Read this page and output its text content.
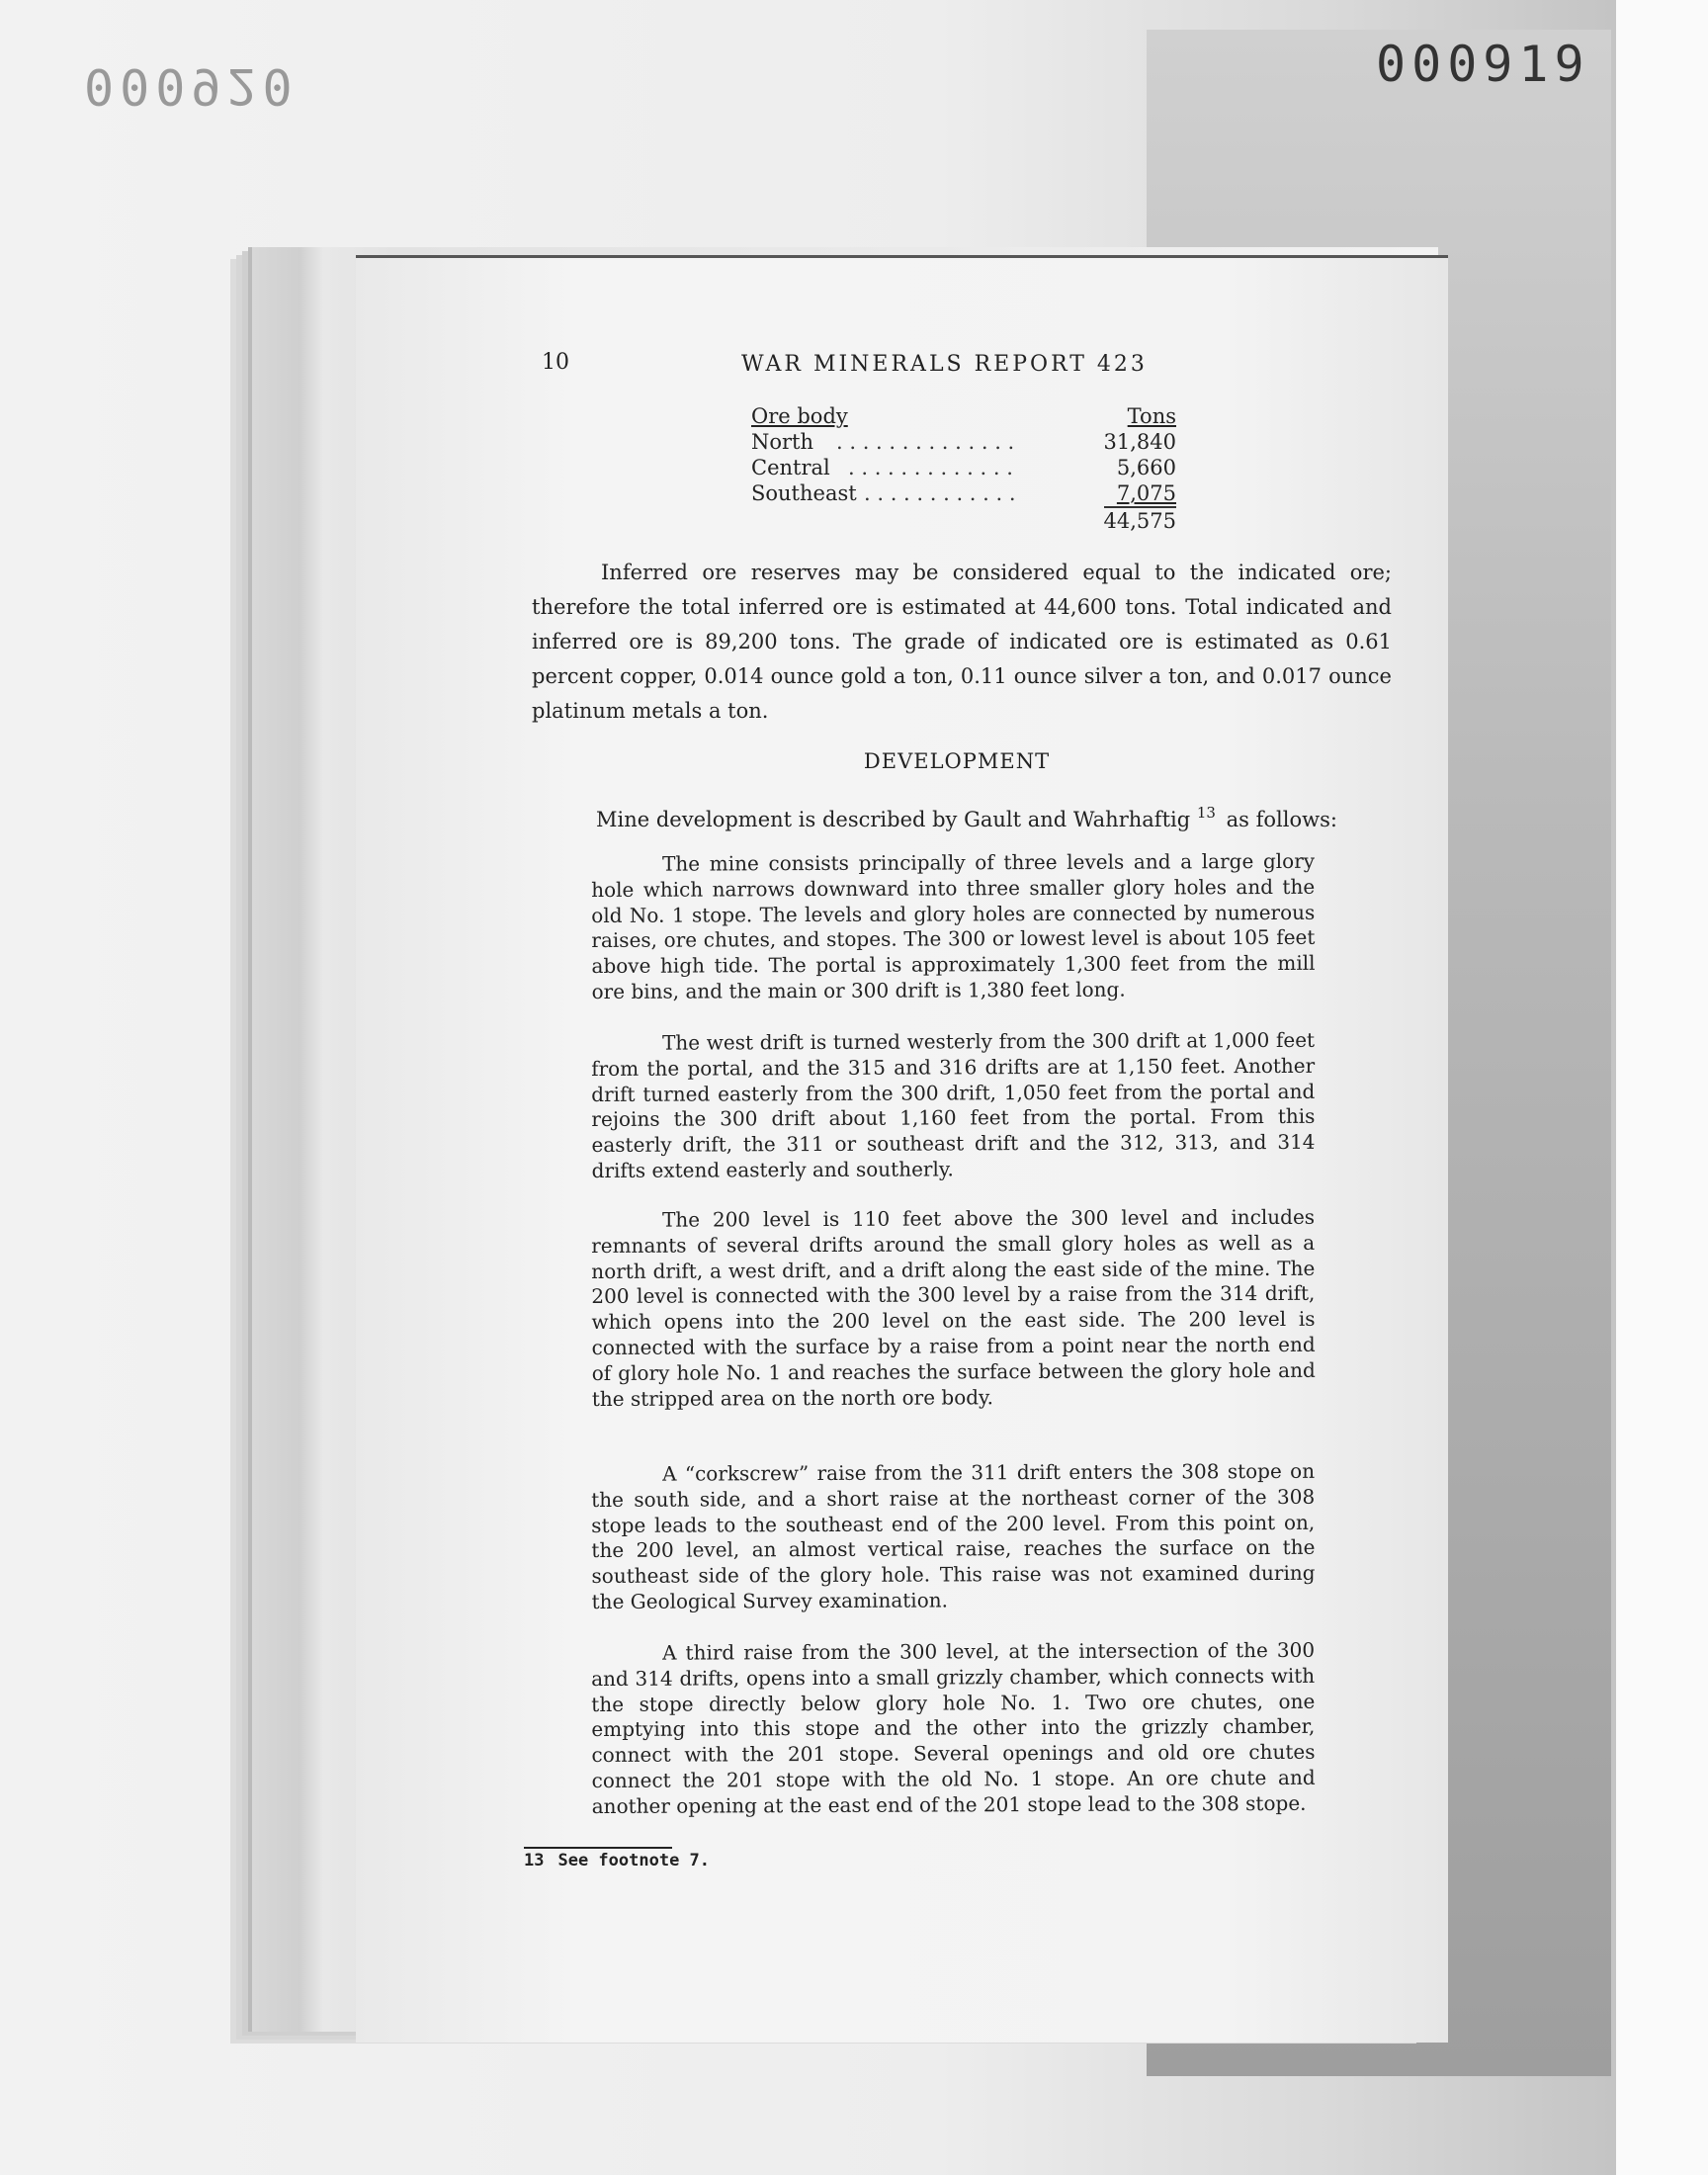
000920	000919
10	WAR MINERALS REPORT 423
Ore body	Tons
North	. . . . . . . . . . . . . .	31,840
Central . . . . . . . . . . . . .	5,660
Southeast . . . . . . . . . . . .	7,075
44,575
Inferred ore reserves may be considered equal to the indicated ore; therefore the total inferred ore is estimated at 44,600 tons. Total indicated and inferred ore is 89,200 tons. The grade of indicated ore is estimated as 0.61 percent copper, 0.014 ounce gold a ton, 0.11 ounce silver a ton, and 0.017 ounce platinum metals a ton.
DEVELOPMENT
Mine development is described by Gault and Wahrhaftig $^{13}$ as follows:
The mine consists principally of three levels and a large glory hole which narrows downward into three smaller glory holes and the old No. 1 stope. The levels and glory holes are connected by numerous raises, ore chutes, and stopes. The 300 or lowest level is about 105 feet above high tide. The portal is approximately 1,300 feet from the mill ore bins, and the main or 300 drift is 1,380 feet long.
The west drift is turned westerly from the 300 drift at 1,000 feet from the portal, and the 315 and 316 drifts are at 1,150 feet. Another drift turned easterly from the 300 drift, 1,050 feet from the portal and rejoins the 300 drift about 1,160 feet from the portal. From this easterly drift, the 311 or southeast drift and the 312, 313, and 314 drifts extend easterly and southerly.
The 200 level is 110 feet above the 300 level and includes remnants of several drifts around the small glory holes as well as a north drift, a west drift, and a drift along the east side of the mine. The 200 level is connected with the 300 level by a raise from the 314 drift, which opens into the 200 level on the east side. The 200 level is connected with the surface by a raise from a point near the north end of glory hole No. 1 and reaches the surface between the glory hole and the stripped area on the north ore body.
A “corkscrew” raise from the 311 drift enters the 308 stope on the south side, and a short raise at the northeast corner of the 308 stope leads to the southeast end of the 200 level. From this point on, the 200 level, an almost vertical raise, reaches the surface on the southeast side of the glory hole. This raise was not examined during the Geological Survey examination.
A third raise from the 300 level, at the intersection of the 300 and 314 drifts, opens into a small grizzly chamber, which connects with the stope directly below glory hole No. 1. Two ore chutes, one emptying into this stope and the other into the grizzly chamber, connect with the 201 stope. Several openings and old ore chutes connect the 201 stope with the old No. 1 stope. An ore chute and another opening at the east end of the 201 stope lead to the 308 stope.
13 See footnote 7.
